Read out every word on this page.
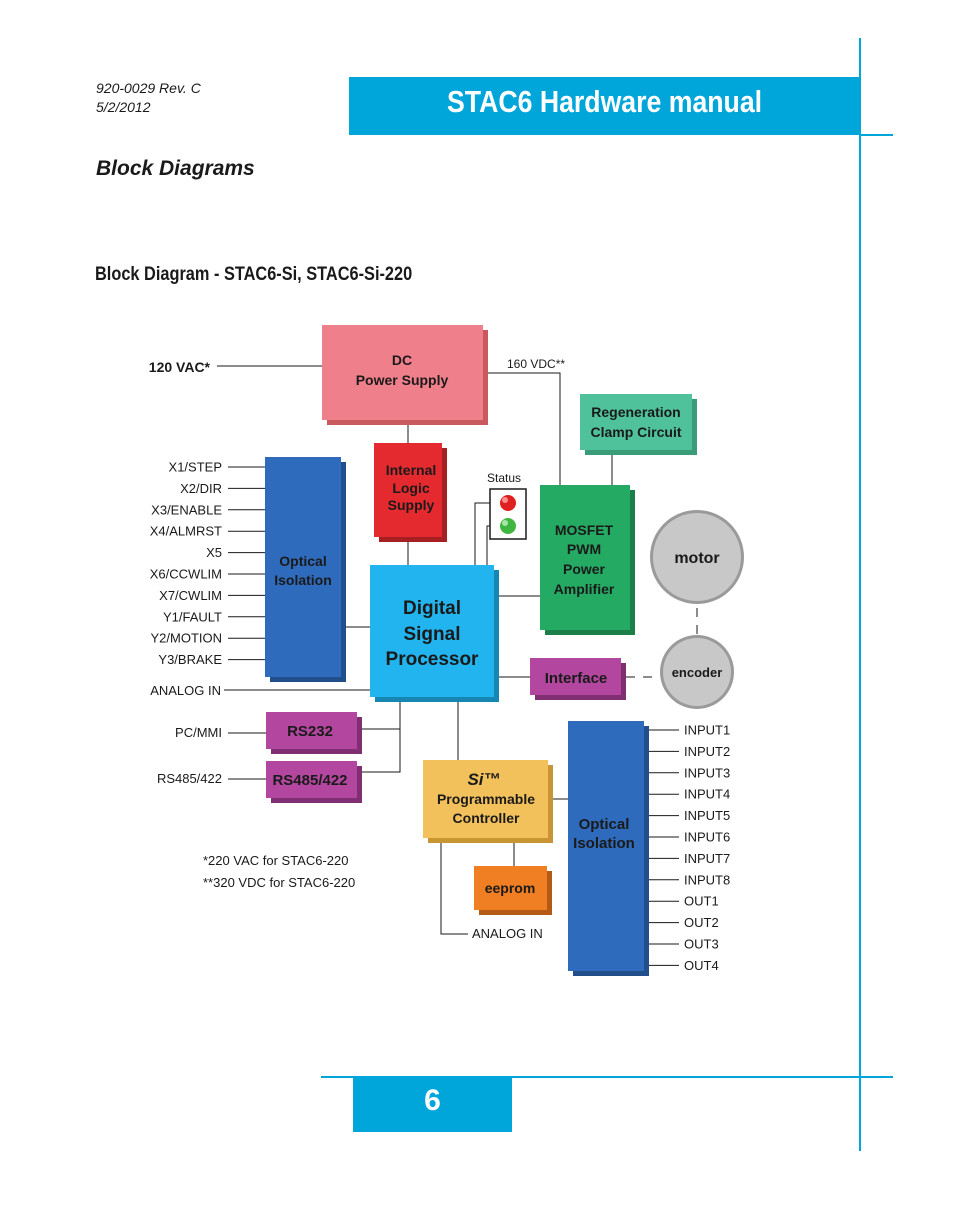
920-0029 Rev. C
5/2/2012	STAC6 Hardware manual
Block Diagrams
Block Diagram - STAC6-Si, STAC6-Si-220
DC
Power Supply
Regeneration
Clamp Circuit
Internal
Logic
Supply
Status
MOSFET
PWM
Power
Amplifier
motor
encoder
Optical
Isolation
Digital
Signal
Processor
Interface
RS232
RS485/422	Si™
Programmable
Controller
eeprom
Optical
Isolation
120 VAC*	160 VDC**
ANALOG IN
PC/MMI
RS485/422
ANALOG IN
*220 VAC for STAC6-220
**320 VDC for STAC6-220
X1/STEP
X2/DIR
X3/ENABLE
X4/ALMRST
X5
X6/CCWLIM
X7/CWLIM
Y1/FAULT
Y2/MOTION
Y3/BRAKE
INPUT1
INPUT2
INPUT3
INPUT4
INPUT5
INPUT6
INPUT7
INPUT8
OUT1
OUT2
OUT3
OUT4
6
